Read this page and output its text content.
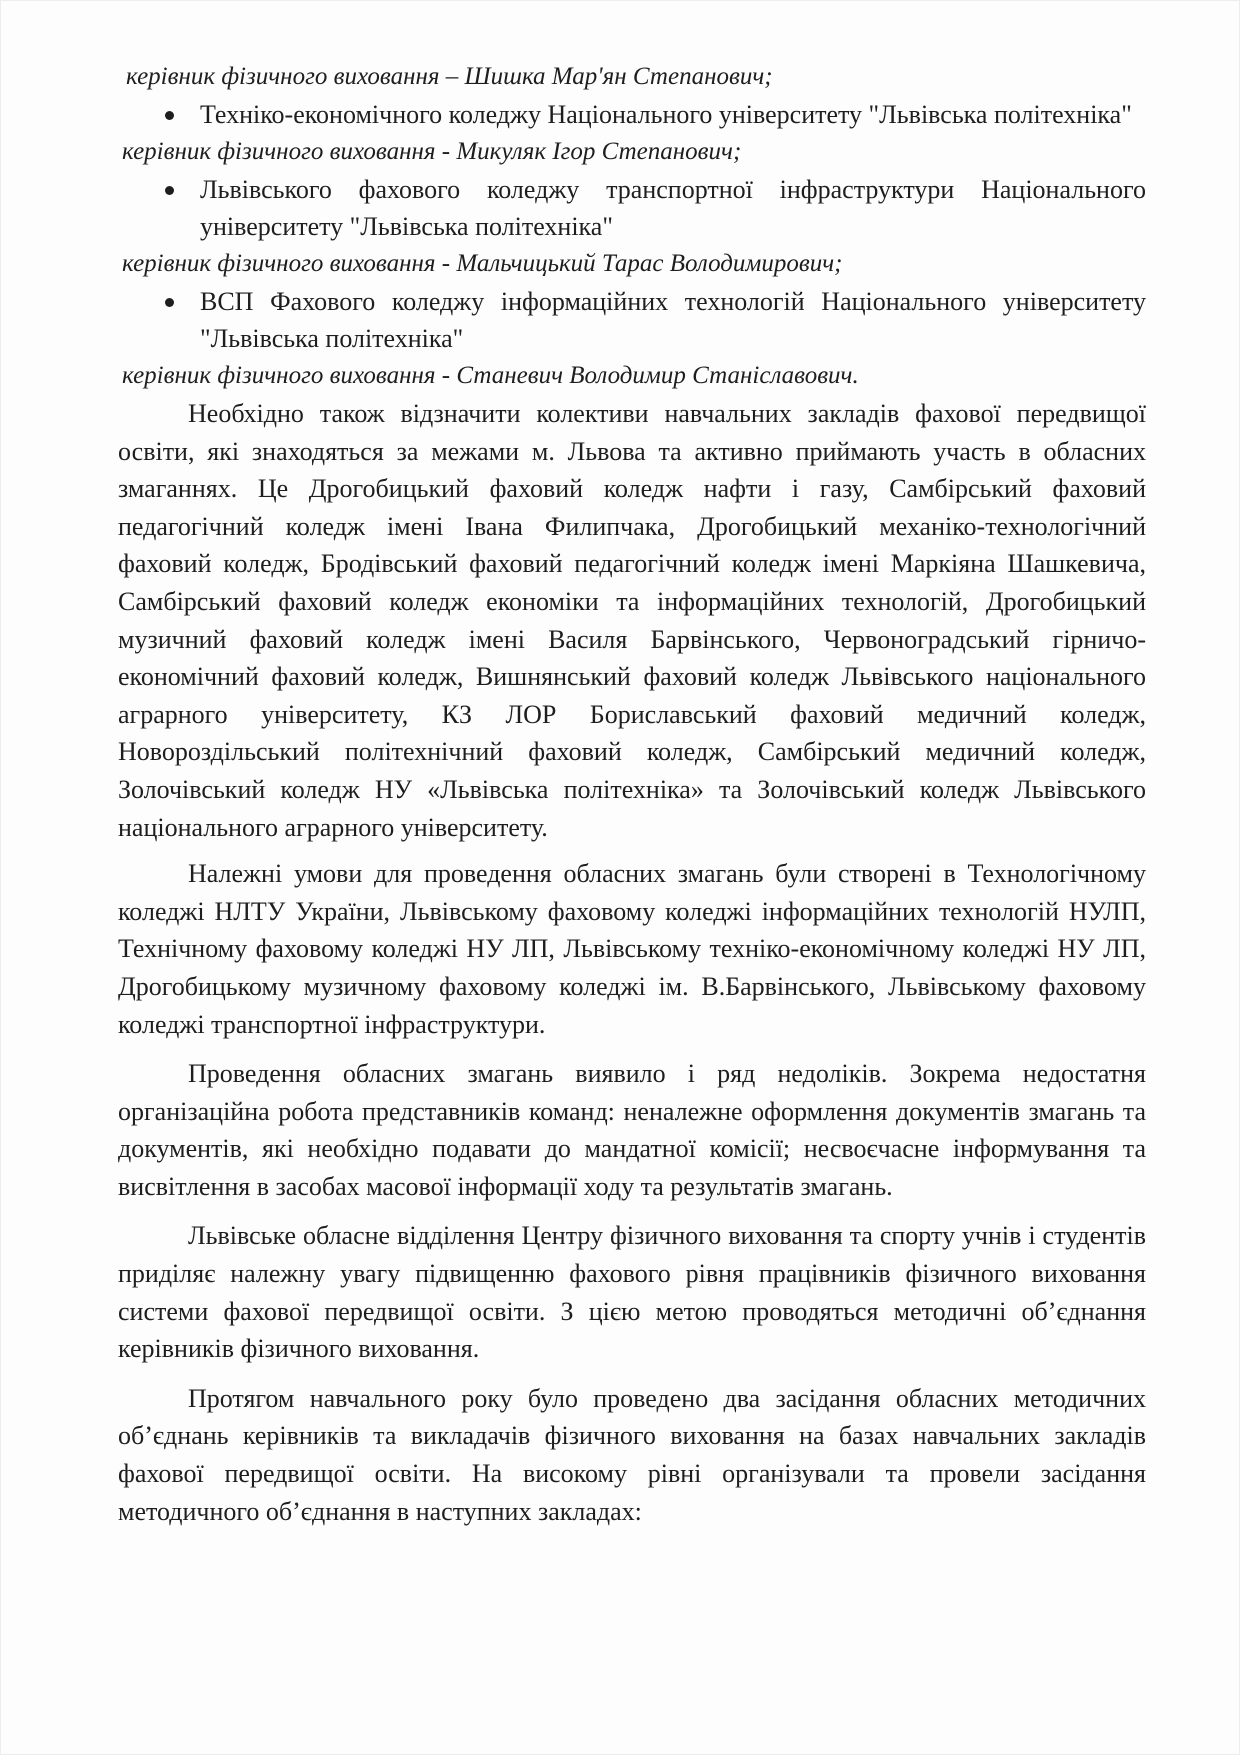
керівник фізичного виховання – Шишка Мар'ян Степанович;

Техніко-економічного коледжу Національного університету "Львівська політехніка"

керівник фізичного виховання - Микуляк Ігор Степанович;

Львівського фахового коледжу транспортної інфраструктури Національного університету "Львівська політехніка"

керівник фізичного виховання - Мальчицький Тарас Володимирович;

ВСП Фахового коледжу інформаційних технологій Національного університету "Львівська політехніка"

керівник фізичного виховання - Станевич Володимир Станіславович.

Необхідно також відзначити колективи навчальних закладів фахової передвищої освіти, які знаходяться за межами м. Львова та активно приймають участь в обласних змаганнях. Це Дрогобицький фаховий коледж нафти і газу, Самбірський фаховий педагогічний коледж імені Івана Филипчака, Дрогобицький механіко-технологічний фаховий коледж, Бродівський фаховий педагогічний коледж імені Маркіяна Шашкевича, Самбірський фаховий коледж економіки та інформаційних технологій, Дрогобицький музичний фаховий коледж імені Василя Барвінського, Червоноградський гірничо-економічний фаховий коледж, Вишнянський фаховий коледж Львівського національного аграрного університету, КЗ ЛОР Бориславський фаховий медичний коледж, Новороздільський політехнічний фаховий коледж, Самбірський медичний коледж, Золочівський коледж НУ «Львівська політехніка» та Золочівський коледж Львівського національного аграрного університету.

Належні умови для проведення обласних змагань були створені в Технологічному коледжі НЛТУ України, Львівському фаховому коледжі інформаційних технологій НУЛП, Технічному фаховому коледжі НУ ЛП, Львівському техніко-економічному коледжі НУ ЛП, Дрогобицькому музичному фаховому коледжі ім. В.Барвінського, Львівському фаховому коледжі транспортної інфраструктури.

Проведення обласних змагань виявило і ряд недоліків. Зокрема недостатня організаційна робота представників команд: неналежне оформлення документів змагань та документів, які необхідно подавати до мандатної комісії; несвоєчасне інформування та висвітлення в засобах масової інформації ходу та результатів змагань.

Львівське обласне відділення Центру фізичного виховання та спорту учнів і студентів приділяє належну увагу підвищенню фахового рівня працівників фізичного виховання системи фахової передвищої освіти. З цією метою проводяться методичні об’єднання керівників фізичного виховання.

Протягом навчального року було проведено два засідання обласних методичних об’єднань керівників та викладачів фізичного виховання на базах навчальних закладів фахової передвищої освіти. На високому рівні організували та провели засідання методичного об’єднання в наступних закладах:
